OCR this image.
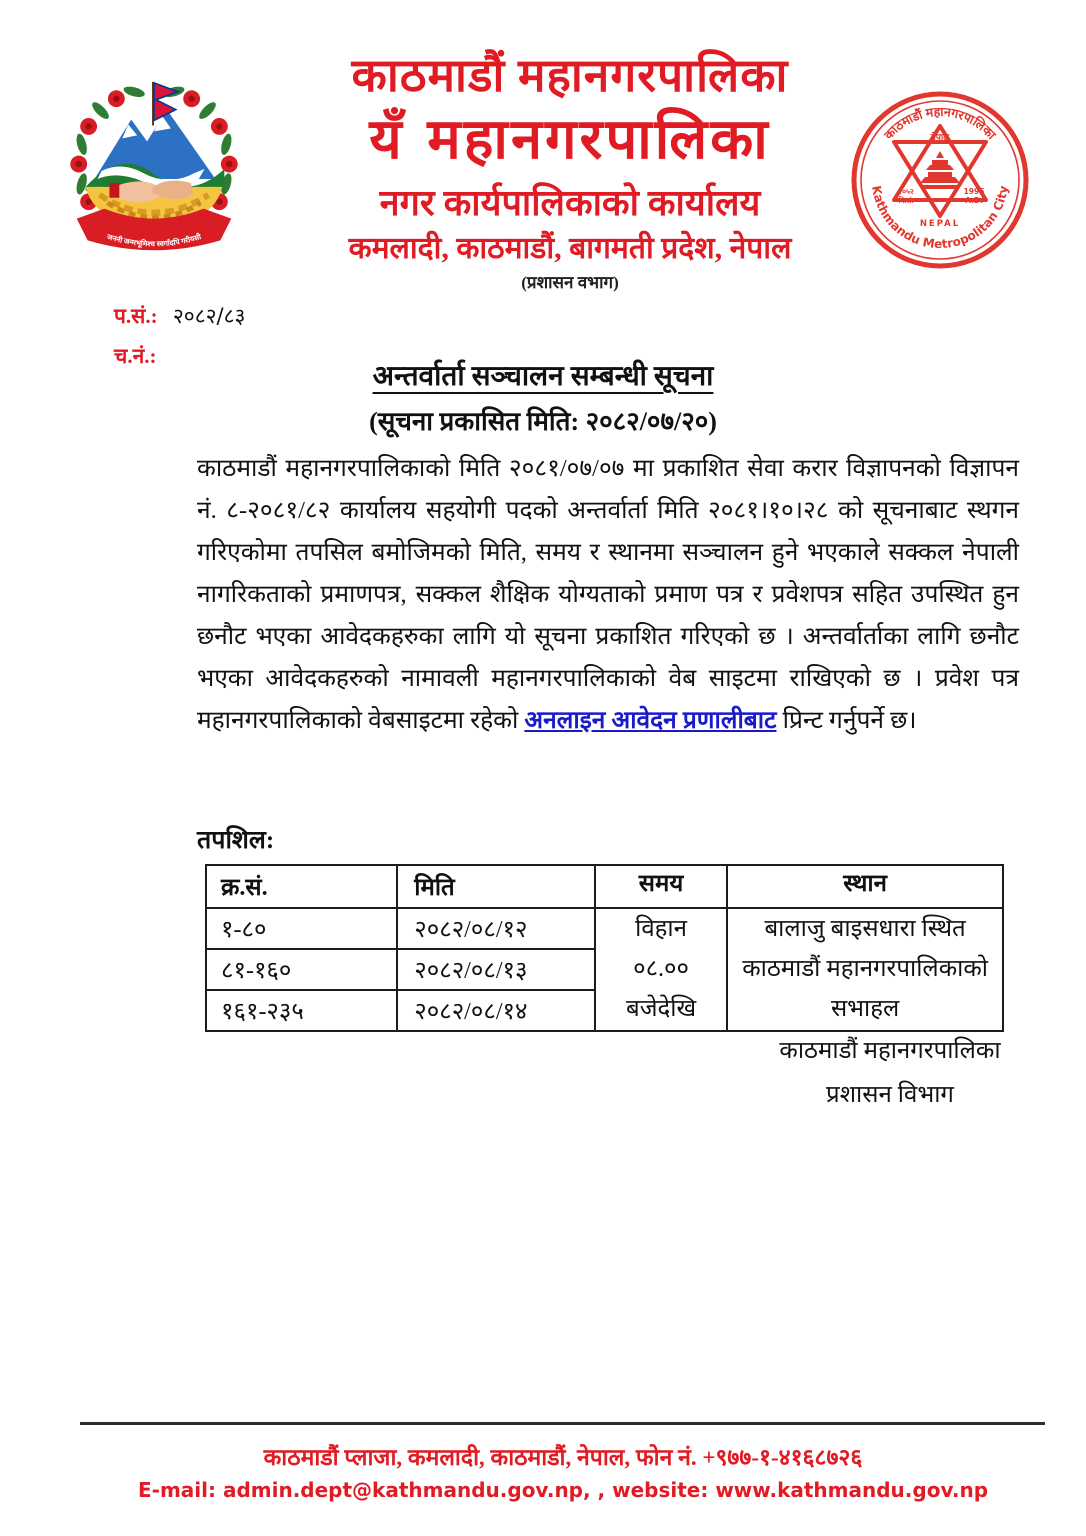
जननी जन्मभूमिश्च स्वर्गादपि गरीयसी
काठमाडौं महानगरपालिका
यँ महानगरपालिका
नगर कार्यपालिकाको कार्यालय
कमलादी, काठमाडौं, बागमती प्रदेश, नेपाल
(प्रशासन वभाग)
काठमाडौं महानगरपालिका
Kathmandu Metropolitan City
नेपाल
२०५२
वि.सं.
1995
A.D.
NEPAL
प.सं.: २०८२/८३
च.नं.:
अन्तर्वार्ता सञ्चालन सम्बन्धी सूचना
(सूचना प्रकासित मिति: २०८२/०७/२०)
काठमाडौं महानगरपालिकाको मिति २०८१/०७/०७ मा प्रकाशित सेवा करार विज्ञापनको विज्ञापन नं. ८-२०८१/८२ कार्यालय सहयोगी पदको अन्तर्वार्ता मिति २०८१।१०।२८ को सूचनाबाट स्थगन गरिएकोमा तपसिल बमोजिमको मिति, समय र स्थानमा सञ्चालन हुने भएकाले सक्कल नेपाली नागरिकताको प्रमाणपत्र, सक्कल शैक्षिक योग्यताको प्रमाण पत्र र प्रवेशपत्र सहित उपस्थित हुन छनौट भएका आवेदकहरुका लागि यो सूचना प्रकाशित गरिएको छ । अन्तर्वार्ताका लागि छनौट भएका आवेदकहरुको नामावली महानगरपालिकाको वेब साइटमा राखिएको छ । प्रवेश पत्र महानगरपालिकाको वेबसाइटमा रहेको अनलाइन आवेदन प्रणालीबाट प्रिन्ट गर्नुपर्ने छ।
तपशिल:
क्र.सं.	मिति	समय	स्थान
१-८०	२०८२/०८/१२	विहान
०८.००
बजेदेखि

बालाजु बाइसधारा स्थित
काठमाडौं महानगरपालिकाको
सभाहल

८१-१६०	२०८२/०८/१३		
१६१-२३५	२०८२/०८/१४		
काठमाडौं महानगरपालिका
प्रशासन विभाग
काठमाडौं प्लाजा, कमलादी, काठमाडौं, नेपाल, फोन नं. +९७७-१-४१६८७२६
E-mail: admin.dept@kathmandu.gov.np, , website: www.kathmandu.gov.np
